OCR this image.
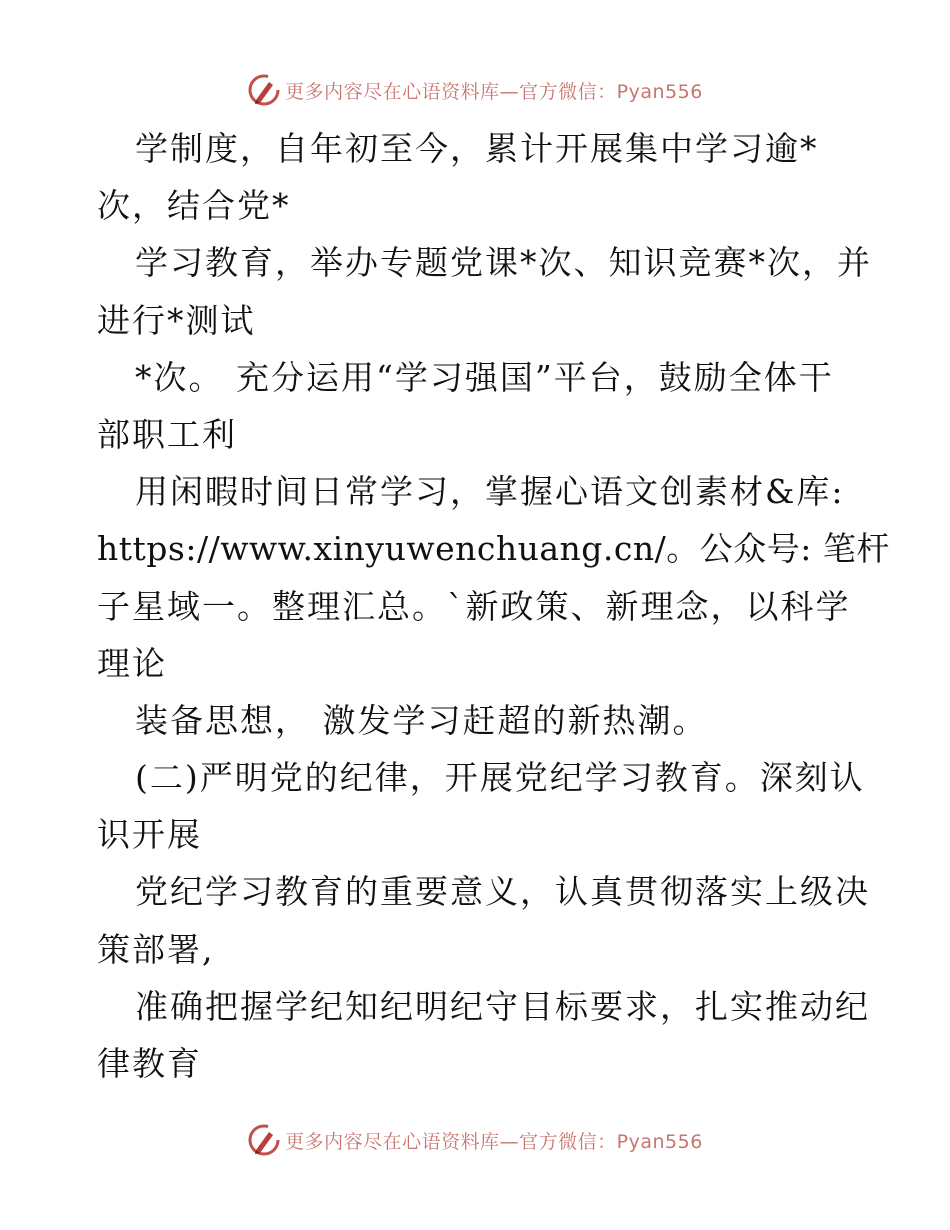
更多内容尽在心语资料库—官方微信：Pyan556
学制度，自年初至今，累计开展集中学习逾*
次，结合党*
学习教育，举办专题党课*次、知识竞赛*次，并
进行*测试
*次。 充分运用“学习强国”平台，鼓励全体干
部职工利
用闲暇时间日常学习，掌握心语文创素材&库:
https://www.xinyuwenchuang.cn/。公众号: 笔杆
子星域一。整理汇总。`新政策、新理念，以科学
理论
装备思想， 激发学习赶超的新热潮。
(二)严明党的纪律，开展党纪学习教育。深刻认
识开展
党纪学习教育的重要意义，认真贯彻落实上级决
策部署,
准确把握学纪知纪明纪守目标要求，扎实推动纪
律教育
更多内容尽在心语资料库—官方微信：Pyan556
